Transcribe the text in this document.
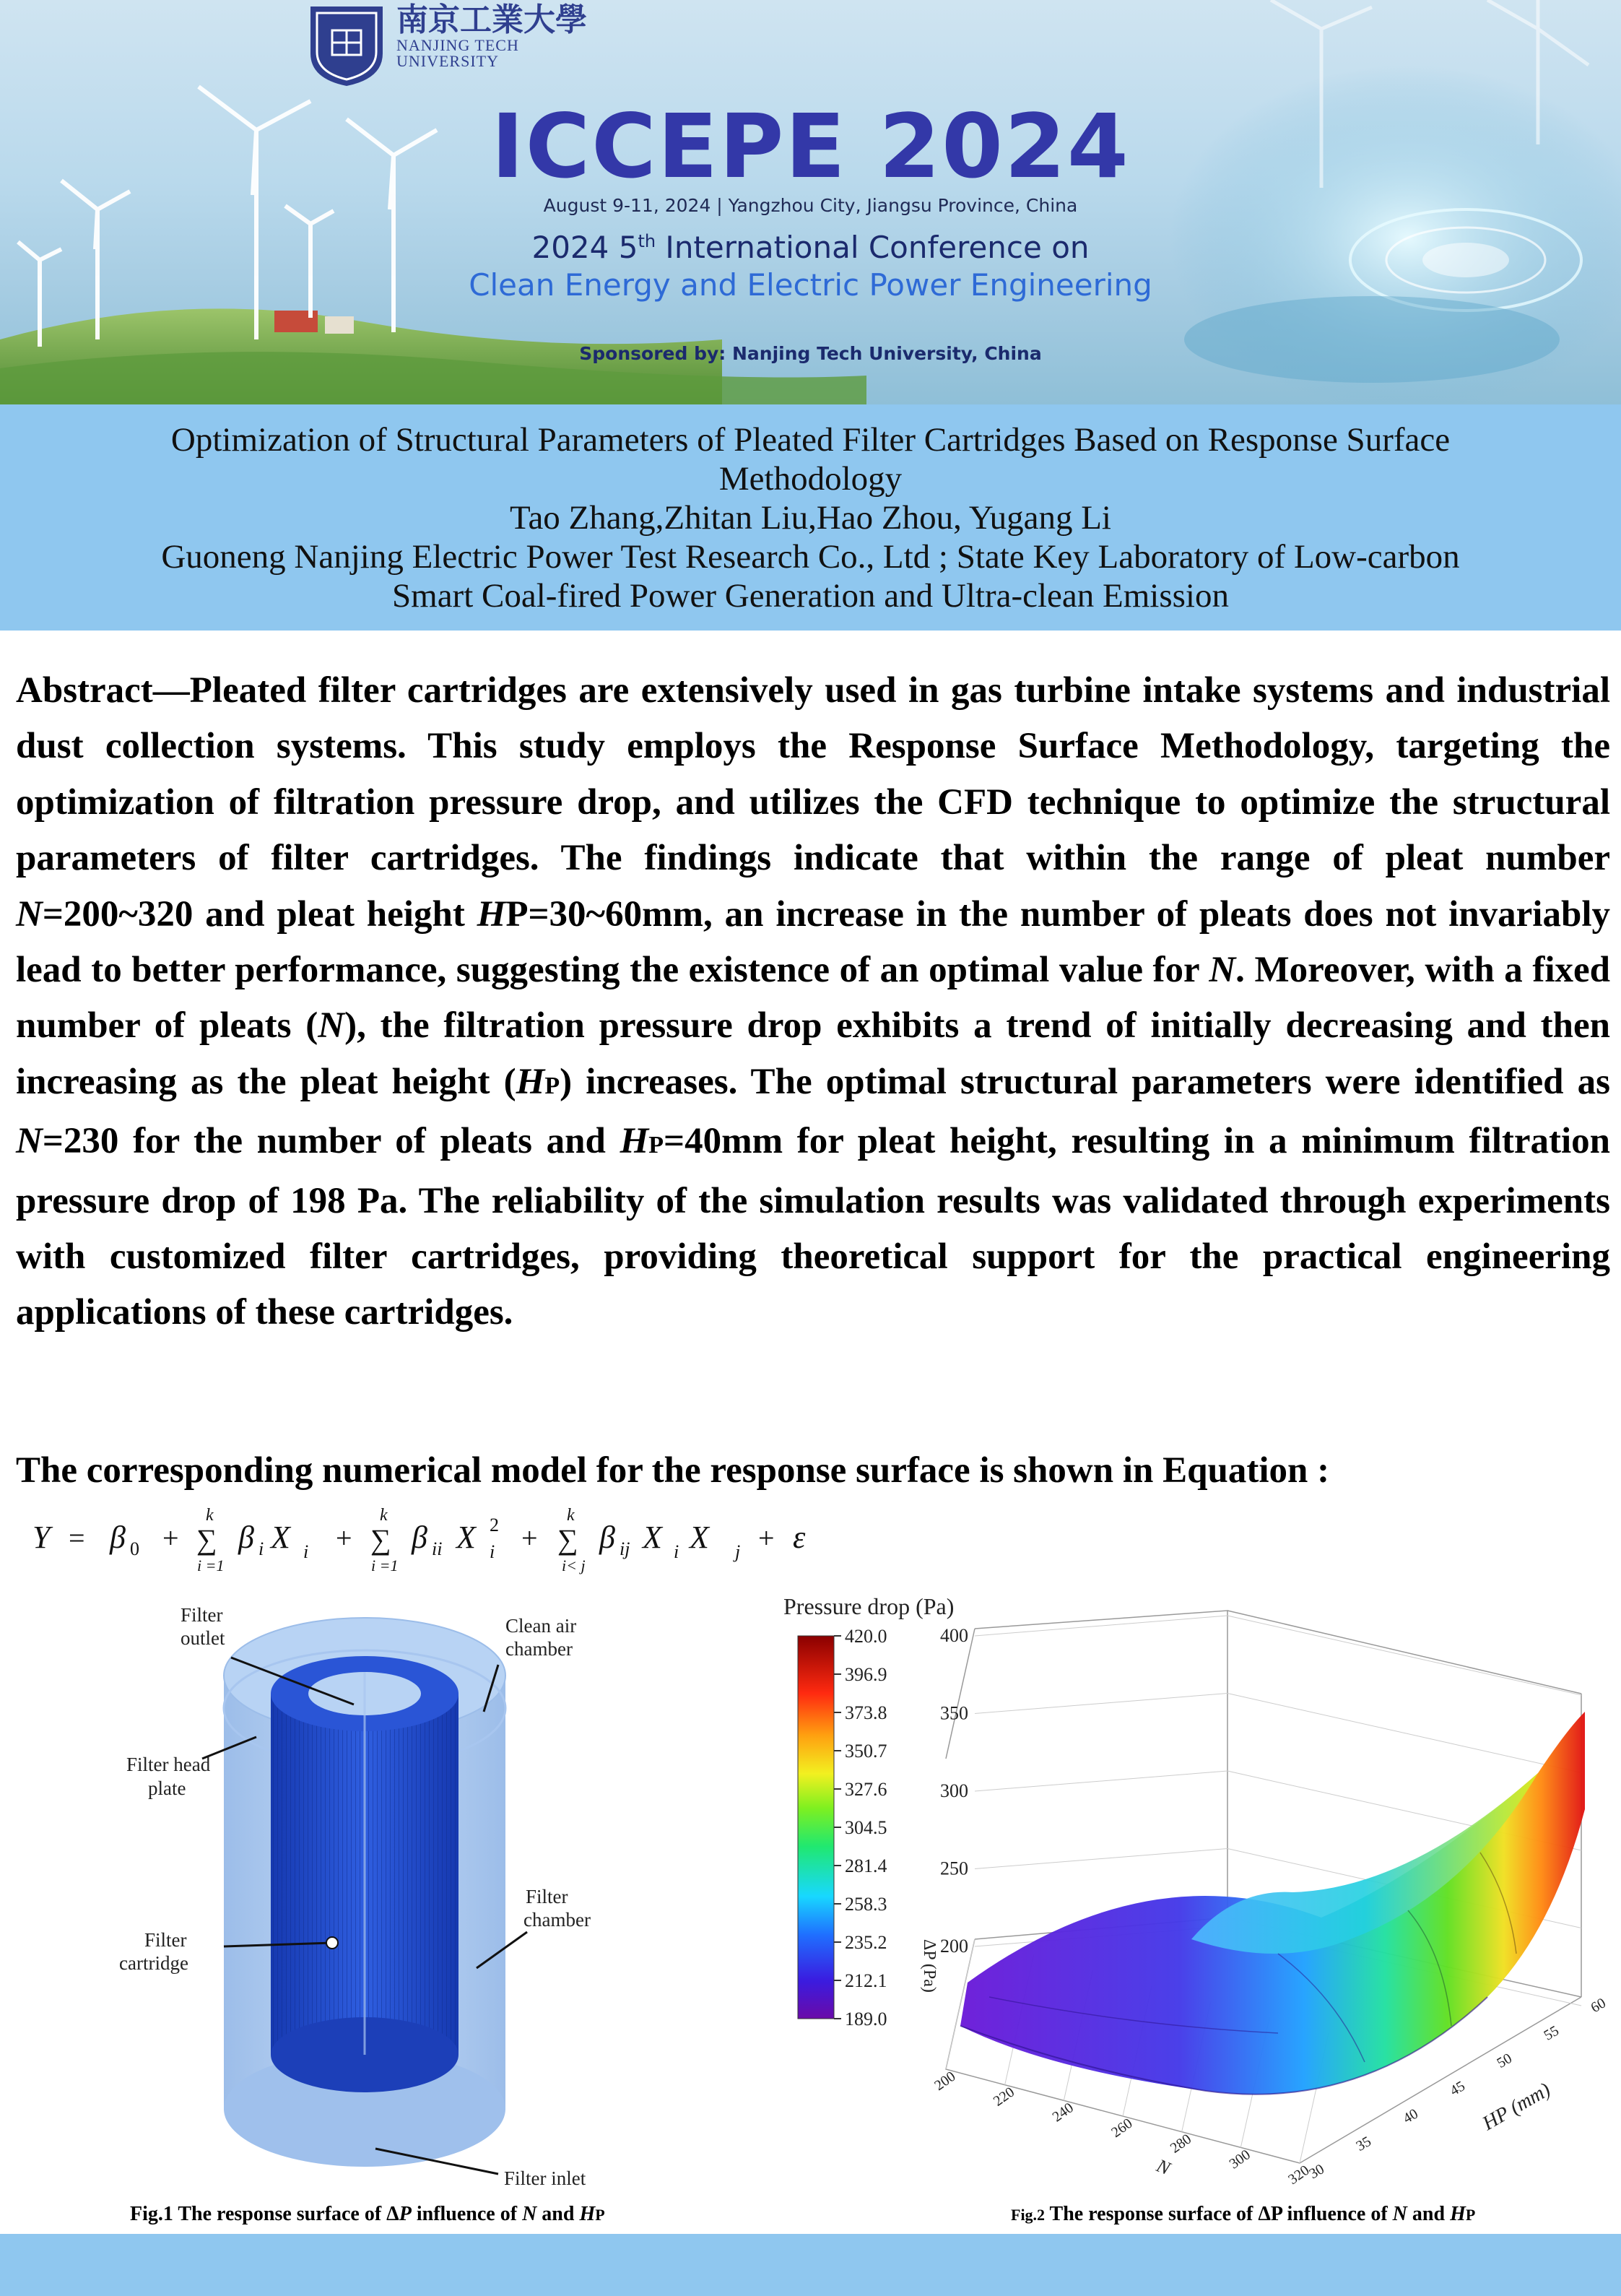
南京工業大學
NANJING TECH
UNIVERSITY
ICCEPE 2024
August 9-11, 2024 | Yangzhou City, Jiangsu Province, China
2024 5th International Conference on
Clean Energy and Electric Power Engineering
Sponsored by: Nanjing Tech University, China
Optimization of Structural Parameters of Pleated Filter Cartridges Based on Response Surface
Methodology
Tao Zhang,Zhitan Liu,Hao Zhou, Yugang Li
Guoneng Nanjing Electric Power Test Research Co., Ltd ; State Key Laboratory of Low-carbon
Smart Coal-fired Power Generation and Ultra-clean Emission

Abstract—Pleated filter cartridges are extensively used in gas turbine intake systems and industrial dust collection systems. This study employs the Response Surface Methodology, targeting the optimization of filtration pressure drop, and utilizes the CFD technique to optimize the structural parameters of filter cartridges. The findings indicate that within the range of pleat number N=200~320 and pleat height HP=30~60mm, an increase in the number of pleats does not invariably lead to better performance, suggesting the existence of an optimal value for N. Moreover, with a fixed number of pleats (N), the filtration pressure drop exhibits a trend of initially decreasing and then increasing as the pleat height (HP) increases. The optimal structural parameters were identified as N=230 for the number of pleats and HP=40mm for pleat height, resulting in a minimum filtration pressure drop of 198 Pa. The reliability of the simulation results was validated through experiments with customized filter cartridges, providing theoretical support for the practical engineering applications of these cartridges.

The corresponding numerical model for the response surface is shown in Equation :
Y = β 0 +
k
∑
i =1
β i X i +
k
∑
i =1
β ii X 2
i +
k
∑
i< j
β ij X i X j + ε
Filter
outlet
Clean air
chamber
Filter head
plate
Filter
cartridge
Filter
chamber
Filter inlet
Pressure drop (Pa)
420.0
396.9
373.8
350.7
327.6
304.5
281.4
258.3
235.2
212.1
189.0
ΔP (Pa) 200
250
300
350
400
200
220
240
260
280
300
320
N	30
35
40
45
50
55
60
HP (mm)
Fig.1 The response surface of ΔP influence of N and HP	Fig.2 The response surface of ΔP influence of N and HP
